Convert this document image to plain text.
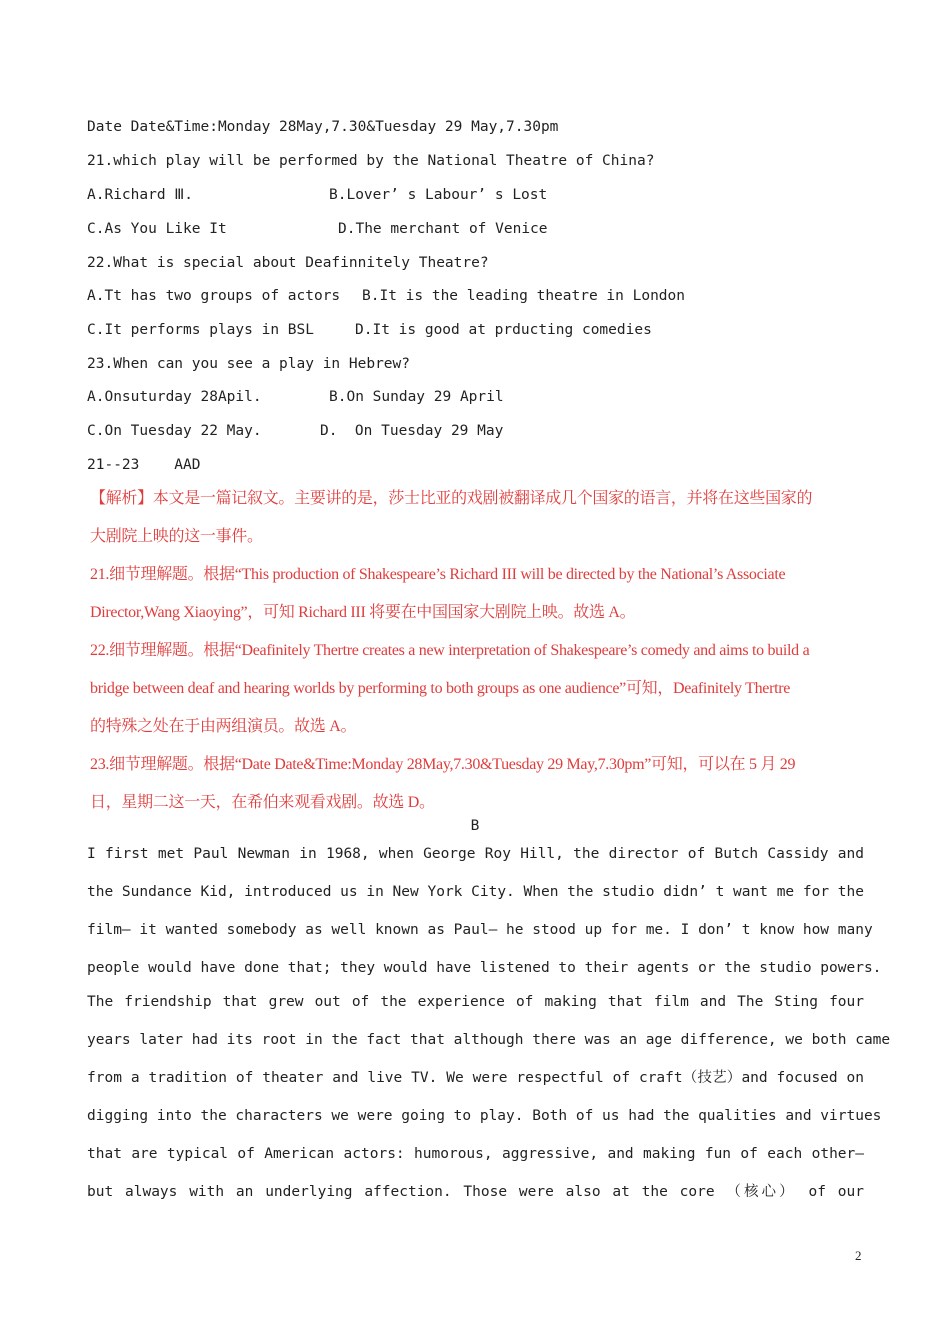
Date Date&Time:Monday 28May,7.30&Tuesday 29 May,7.30pm

21.which play will be performed by the National Theatre of China?

A.Richard Ⅲ.	B.Lover’ s Labour’ s Lost

C.As You Like It	D.The merchant of Venice

22.What is special about Deafinnitely Theatre?

A.Tt has two groups of actors B.It is the leading theatre in London

C.It performs plays in BSL	D.It is good at prducting comedies

23.When can you see a play in Hebrew?

A.Onsuturday 28Apil.	B.On Sunday 29 April

C.On Tuesday 22 May.	D.  On Tuesday 29 May

21--23    AAD

【解析】本文是一篇记叙文。主要讲的是，莎士比亚的戏剧被翻译成几个国家的语言，并将在这些国家的

大剧院上映的这一事件。

21.细节理解题。根据“This production of Shakespeare’s Richard III will be directed by the National’s Associate

Director,Wang Xiaoying”，可知 Richard III 将要在中国国家大剧院上映。故选 A。

22.细节理解题。根据“Deafinitely Thertre creates a new interpretation of Shakespeare’s comedy and aims to build a

bridge between deaf and hearing worlds by performing to both groups as one audience”可知，Deafinitely Thertre

的特殊之处在于由两组演员。故选 A。

23.细节理解题。根据“Date Date&Time:Monday 28May,7.30&Tuesday 29 May,7.30pm”可知，可以在 5 月 29

日，星期二这一天，在希伯来观看戏剧。故选 D。

B

I first met Paul Newman in 1968, when George Roy Hill, the director of Butch Cassidy and

the Sundance Kid, introduced us in New York City. When the studio didn’ t want me for the

film— it wanted somebody as well known as Paul— he stood up for me. I don’ t know how many

people would have done that; they would have listened to their agents or the studio powers.

The friendship that grew out of the experience of making that film and The Sting four

years later had its root in the fact that although there was an age difference, we both came

from a tradition of theater and live TV. We were respectful of craft（技艺）and focused on

digging into the characters we were going to play. Both of us had the qualities and virtues

that are typical of American actors: humorous, aggressive, and making fun of each other—

but always with an underlying affection. Those were also at the core （核心） of our

2
